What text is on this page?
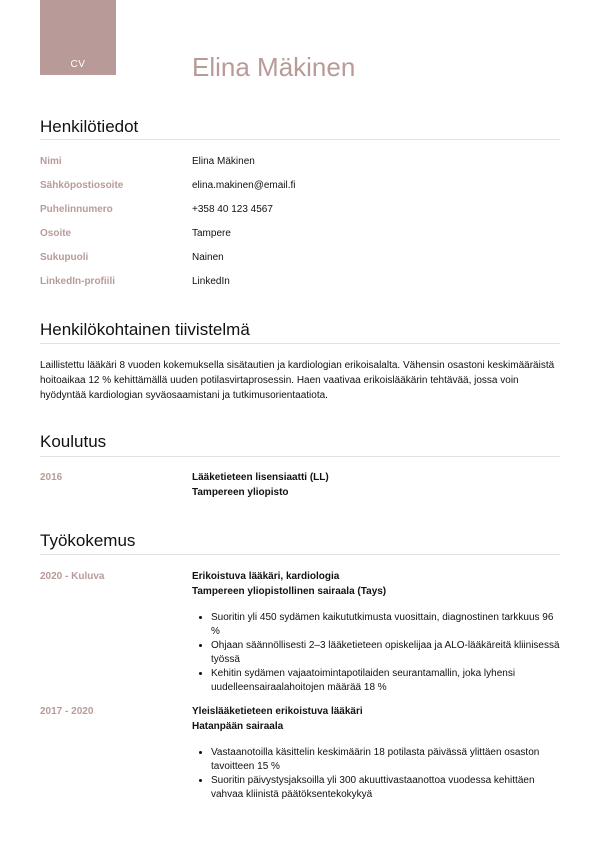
CV	Elina Mäkinen
Henkilötiedot
Nimi	Elina Mäkinen
Sähköpostiosoite	elina.makinen@email.fi
Puhelinnumero	+358 40 123 4567
Osoite	Tampere
Sukupuoli	Nainen
LinkedIn-profiili	LinkedIn
Henkilökohtainen tiivistelmä
Laillistettu lääkäri 8 vuoden kokemuksella sisätautien ja kardiologian erikoisalalta. Vähensin osastoni keskimääräistä hoitoaikaa 12 % kehittämällä uuden potilasvirtaprosessin. Haen vaativaa erikoislääkärin tehtävää, jossa voin hyödyntää kardiologian syväosaamistani ja tutkimusorientaatiota.
Koulutus
2016	Lääketieteen lisensiaatti (LL)
Tampereen yliopisto
Työkokemus
2020 - Kuluva	Erikoistuva lääkäri, kardiologia
Tampereen yliopistollinen sairaala (Tays)
• Suoritin yli 450 sydämen kaikututkimusta vuosittain, diagnostinen tarkkuus 96 %
• Ohjaan säännöllisesti 2–3 lääketieteen opiskelijaa ja ALO-lääkäreitä kliinisessä työssä
• Kehitin sydämen vajaatoimintapotilaiden seurantamallin, joka lyhensi uudelleensairaalahoitojen määrää 18 %
2017 - 2020	Yleislääketieteen erikoistuva lääkäri
Hatanpään sairaala
• Vastaanotoilla käsittelin keskimäärin 18 potilasta päivässä ylittäen osaston tavoitteen 15 %
• Suoritin päivystysjaksoilla yli 300 akuuttivastaanottoa vuodessa kehittäen vahvaa kliinistä päätöksentekokykyä
